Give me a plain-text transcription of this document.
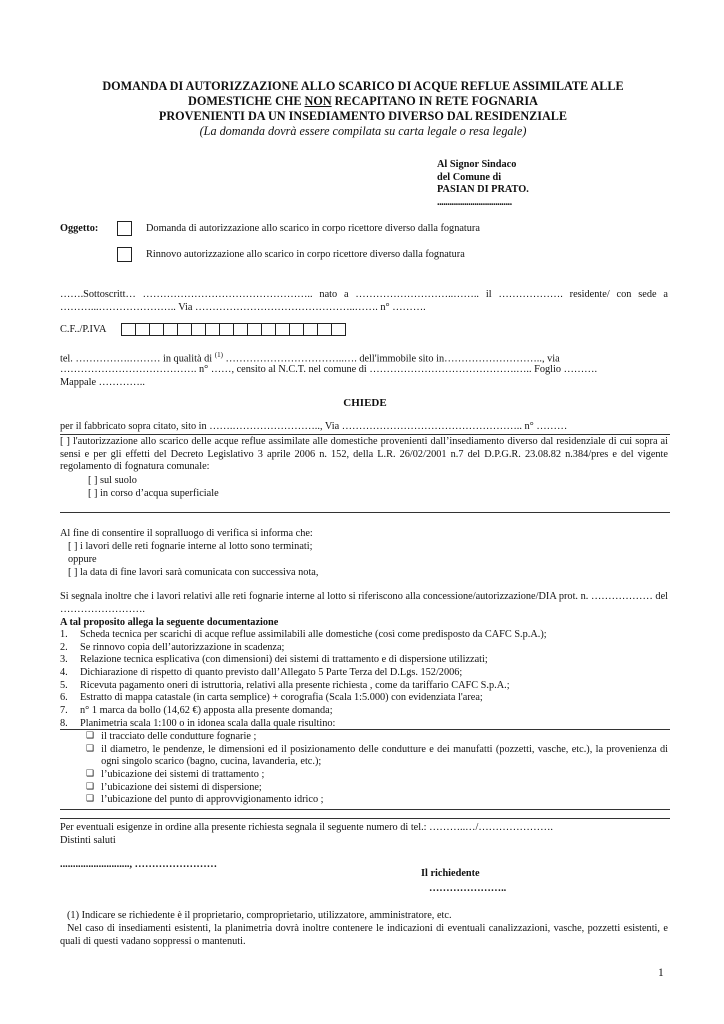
DOMANDA DI AUTORIZZAZIONE ALLO SCARICO DI ACQUE REFLUE ASSIMILATE ALLE
DOMESTICHE CHE NON RECAPITANO IN RETE FOGNARIA
PROVENIENTI DA UN INSEDIAMENTO DIVERSO DAL RESIDENZIALE
(La domanda dovrà essere compilata su carta legale o resa legale)
Al Signor Sindaco
del Comune di
PASIAN DI PRATO.
....................................
Oggetto:	Domanda di autorizzazione allo scarico in corpo ricettore diverso dalla fognatura
Rinnovo autorizzazione allo scarico in corpo ricettore diverso dalla fognatura
…….Sottoscritt… ………………………………………….. nato a ………………………..…….. il ………………. residente/ con sede a
………...………………….. Via ………………………………………..……. n° ……….
C.F../P.IVA
tel. …………….……… in qualità di $^{(1)}$ ……………………………..…. dell'immobile sito in……………………….., via
…………………………………. n° ……, censito al N.C.T. nel comune di …………………………………….….. Foglio ……….
Mappale …………..
CHIEDE
per il fabbricato sopra citato, sito in …….…………………….., Via …………………………………………….. n° ………
[ ] l'autorizzazione allo scarico delle acque reflue assimilate alle domestiche provenienti dall’insediamento diverso dal residenziale di cui sopra ai sensi e per gli effetti del Decreto Legislativo 3 aprile 2006 n. 152, della L.R. 26/02/2001 n.7 del D.P.G.R. 23.08.82 n.384/pres e del vigente regolamento di fognatura comunale:
[ ] sul suolo
[ ] in corso d’acqua superficiale
Al fine di consentire il sopralluogo di verifica si informa che:
[ ] i lavori delle reti fognarie interne al lotto sono terminati;
oppure
[ ] la data di fine lavori sarà comunicata con successiva nota,
Si segnala inoltre che i lavori relativi alle reti fognarie interne al lotto si riferiscono alla concessione/autorizzazione/DIA prot. n. ……………… del …………………….
A tal proposito allega la seguente documentazione
1. Scheda tecnica per scarichi di acque reflue assimilabili alle domestiche (così come predisposto da CAFC S.p.A.);
2. Se rinnovo copia dell’autorizzazione in scadenza;
3. Relazione tecnica esplicativa (con dimensioni) dei sistemi di trattamento e di dispersione utilizzati;
4. Dichiarazione di rispetto di quanto previsto dall’Allegato 5 Parte Terza del D.Lgs. 152/2006;
5. Ricevuta pagamento oneri di istruttoria, relativi alla presente richiesta , come da tariffario CAFC S.p.A.;
6. Estratto di mappa catastale (in carta semplice) + corografia (Scala 1:5.000) con evidenziata l'area;
7. n° 1 marca da bollo (14,62 €) apposta alla presente domanda;
8. Planimetria scala 1:100 o in idonea scala dalla quale risultino:
❑ il tracciato delle condutture fognarie ;
❑ il diametro, le pendenze, le dimensioni ed il posizionamento delle condutture e dei manufatti (pozzetti, vasche, etc.), la provenienza di ogni singolo scarico (bagno, cucina, lavanderia, etc.);
❑ l’ubicazione dei sistemi di trattamento ;
❑ l’ubicazione dei sistemi di dispersione;
❑ l’ubicazione del punto di approvvigionamento idrico ;
Per eventuali esigenze in ordine alla presente richiesta segnala il seguente numero di tel.: ………..…/………………….
Distinti saluti
..........................., ……………………
Il richiedente
…………………..
(1) Indicare se richiedente è il proprietario, comproprietario, utilizzatore, amministratore, etc.
Nel caso di insediamenti esistenti, la planimetria dovrà inoltre contenere le indicazioni di eventuali canalizzazioni, vasche, pozzetti esistenti, e quali di questi vadano soppressi o mantenuti.
1
